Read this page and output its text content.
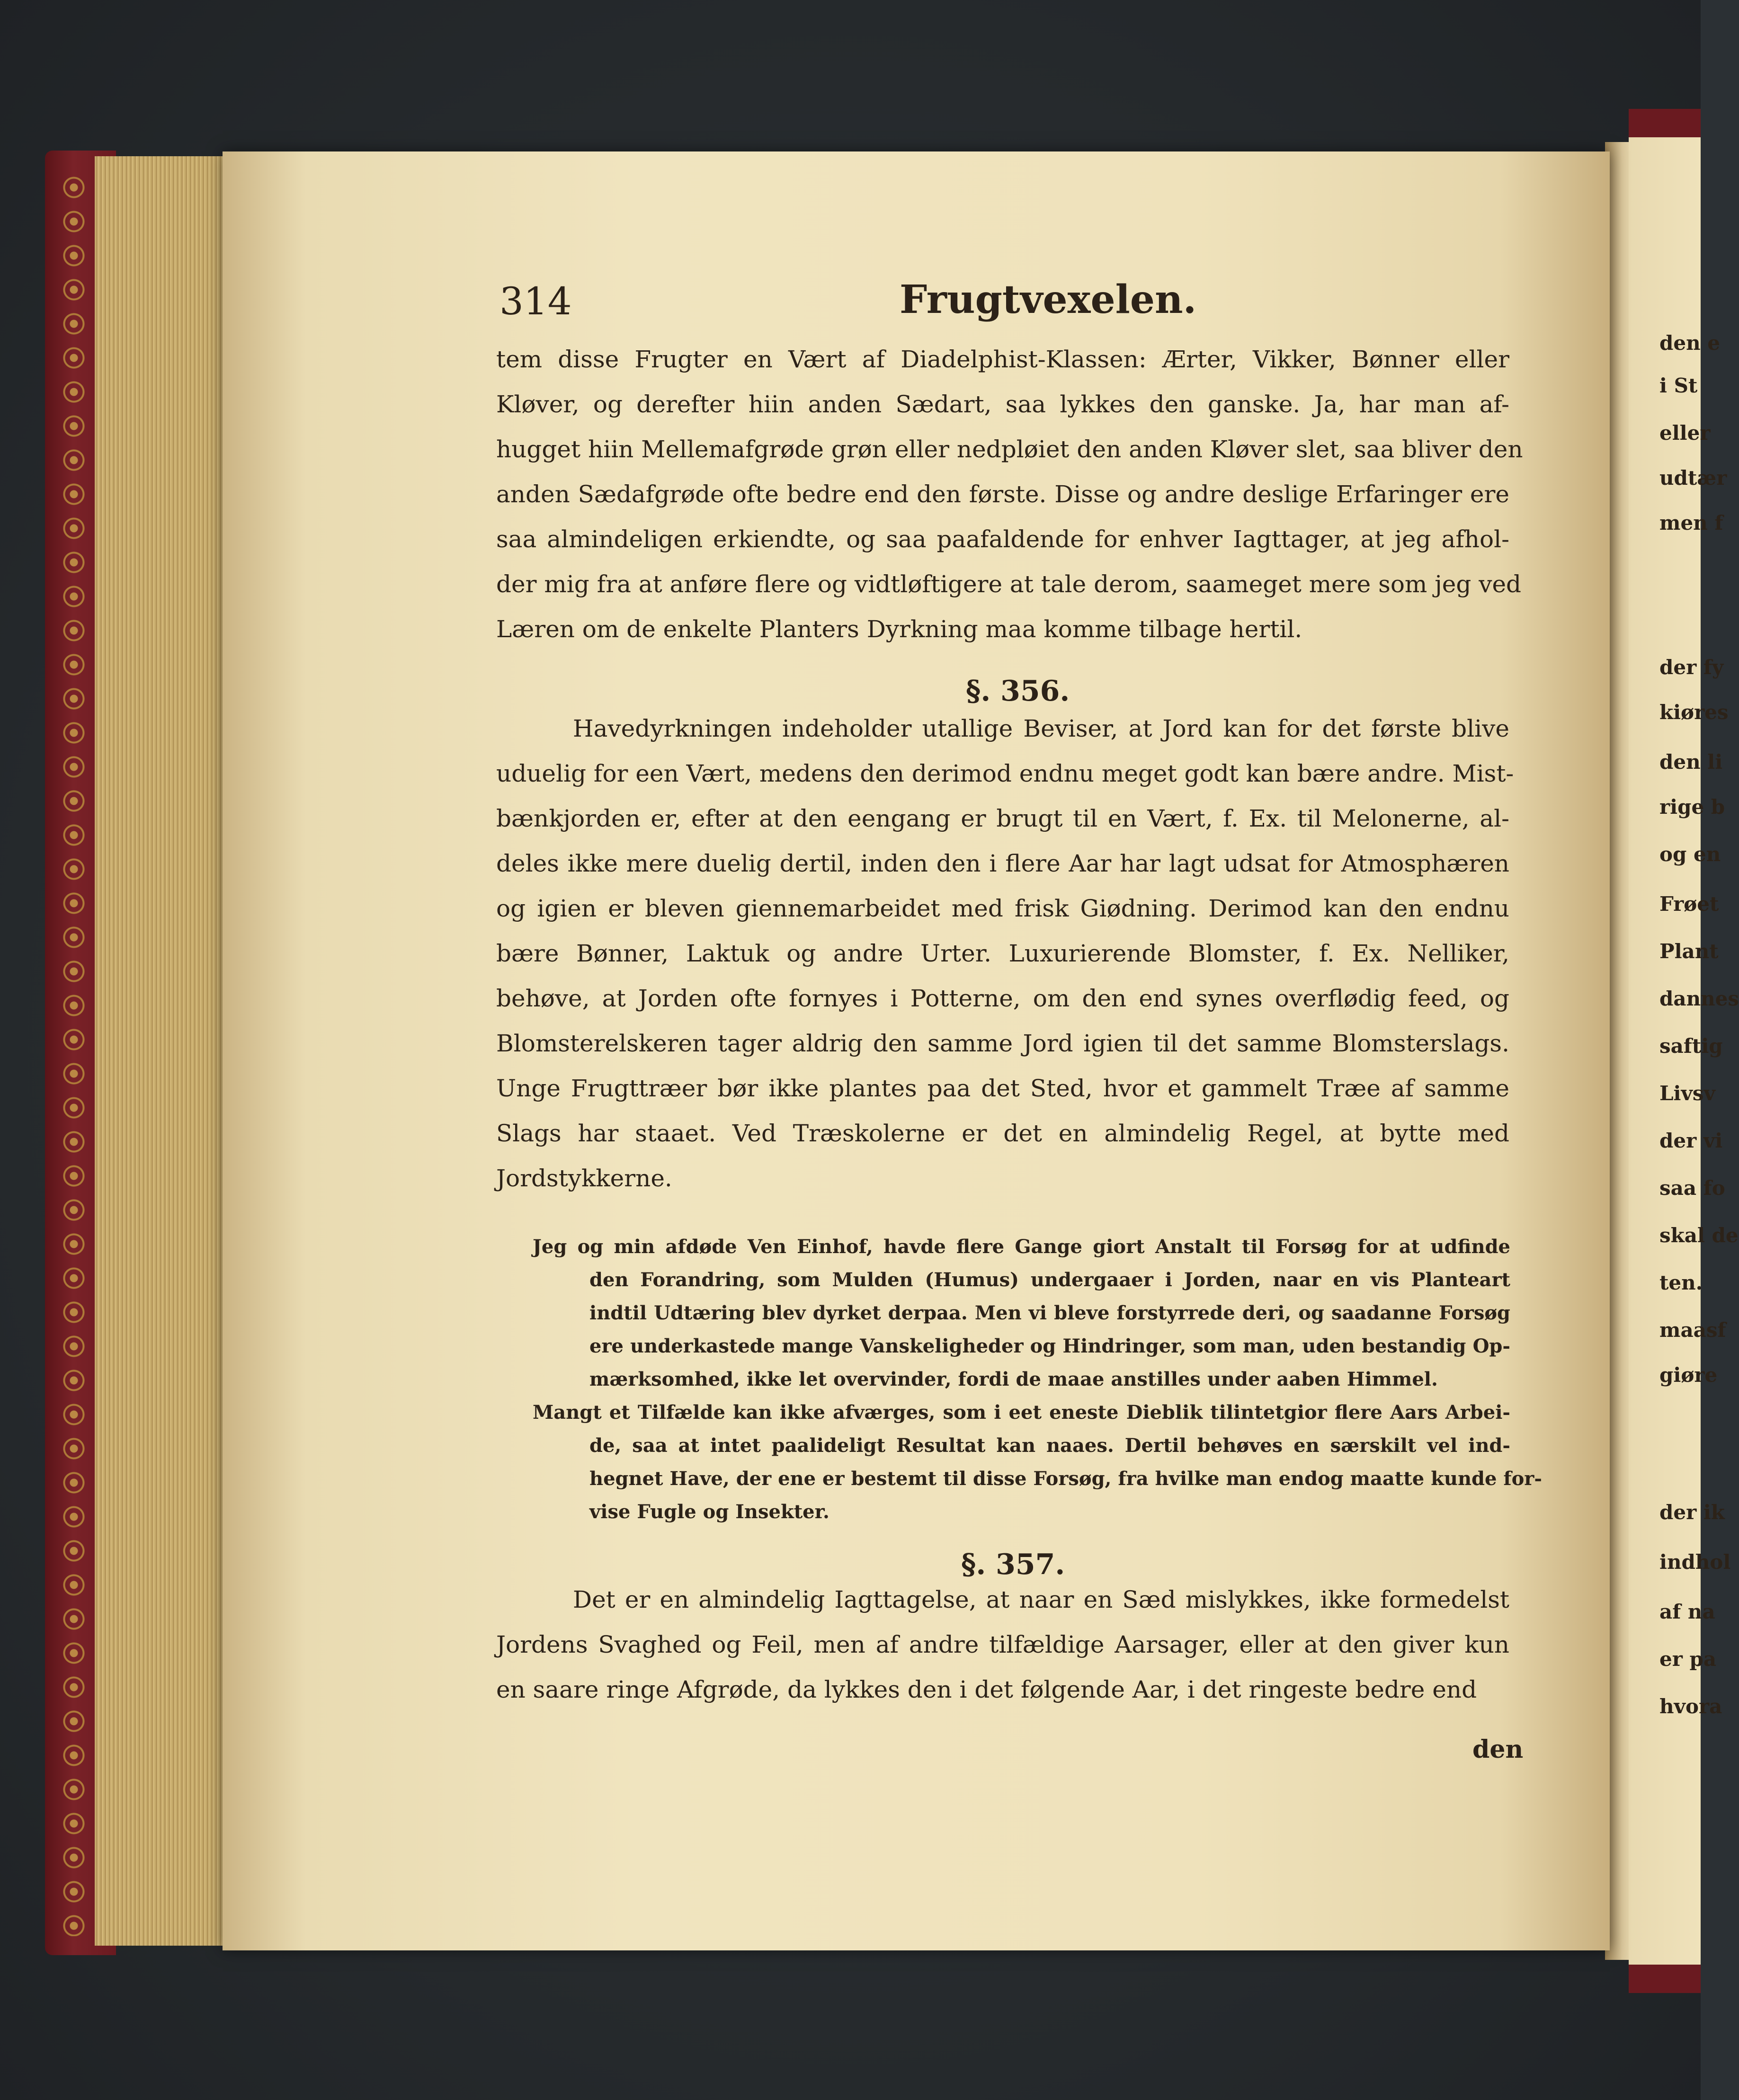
314	Frugtvexelen.
tem disse Frugter en Vært af Diadelphist-Klassen: Ærter, Vikker, Bønner eller
Kløver, og derefter hiin anden Sædart, saa lykkes den ganske. Ja, har man af-
hugget hiin Mellemafgrøde grøn eller nedpløiet den anden Kløver slet, saa bliver den
anden Sædafgrøde ofte bedre end den første. Disse og andre deslige Erfaringer ere
saa almindeligen erkiendte, og saa paafaldende for enhver Iagttager, at jeg afhol-
der mig fra at anføre flere og vidtløftigere at tale derom, saameget mere som jeg ved
Læren om de enkelte Planters Dyrkning maa komme tilbage hertil.
§. 356.
Havedyrkningen indeholder utallige Beviser, at Jord kan for det første blive
uduelig for een Vært, medens den derimod endnu meget godt kan bære andre. Mist-
bænkjorden er, efter at den eengang er brugt til en Vært, f. Ex. til Melonerne, al-
deles ikke mere duelig dertil, inden den i flere Aar har lagt udsat for Atmosphæren
og igien er bleven giennemarbeidet med frisk Giødning. Derimod kan den endnu
bære Bønner, Laktuk og andre Urter. Luxurierende Blomster, f. Ex. Nelliker,
behøve, at Jorden ofte fornyes i Potterne, om den end synes overflødig feed, og
Blomsterelskeren tager aldrig den samme Jord igien til det samme Blomsterslags.
Unge Frugttræer bør ikke plantes paa det Sted, hvor et gammelt Træe af samme
Slags har staaet. Ved Træskolerne er det en almindelig Regel, at bytte med
Jordstykkerne.
Jeg og min afdøde Ven Einhof, havde flere Gange giort Anstalt til Forsøg for at udfinde
den Forandring, som Mulden (Humus) undergaaer i Jorden, naar en vis Planteart
indtil Udtæring blev dyrket derpaa. Men vi bleve forstyrrede deri, og saadanne Forsøg
ere underkastede mange Vanskeligheder og Hindringer, som man, uden bestandig Op-
mærksomhed, ikke let overvinder, fordi de maae anstilles under aaben Himmel.
Mangt et Tilfælde kan ikke afværges, som i eet eneste Dieblik tilintetgior flere Aars Arbei-
de, saa at intet paalideligt Resultat kan naaes. Dertil behøves en særskilt vel ind-
hegnet Have, der ene er bestemt til disse Forsøg, fra hvilke man endog maatte kunde for-
vise Fugle og Insekter.
§. 357.
Det er en almindelig Iagttagelse, at naar en Sæd mislykkes, ikke formedelst
Jordens Svaghed og Feil, men af andre tilfældige Aarsager, eller at den giver kun
en saare ringe Afgrøde, da lykkes den i det følgende Aar, i det ringeste bedre end
den
den e
i St
eller
udtær
men f
der fy
kiøres
den li
rige b
og en
Frøet
Plant
dannes
saftig
Livsv
der vi
saa fo
skal de
ten.
maasf
giøre
der ik
indhol
af na
er pa
hvora
